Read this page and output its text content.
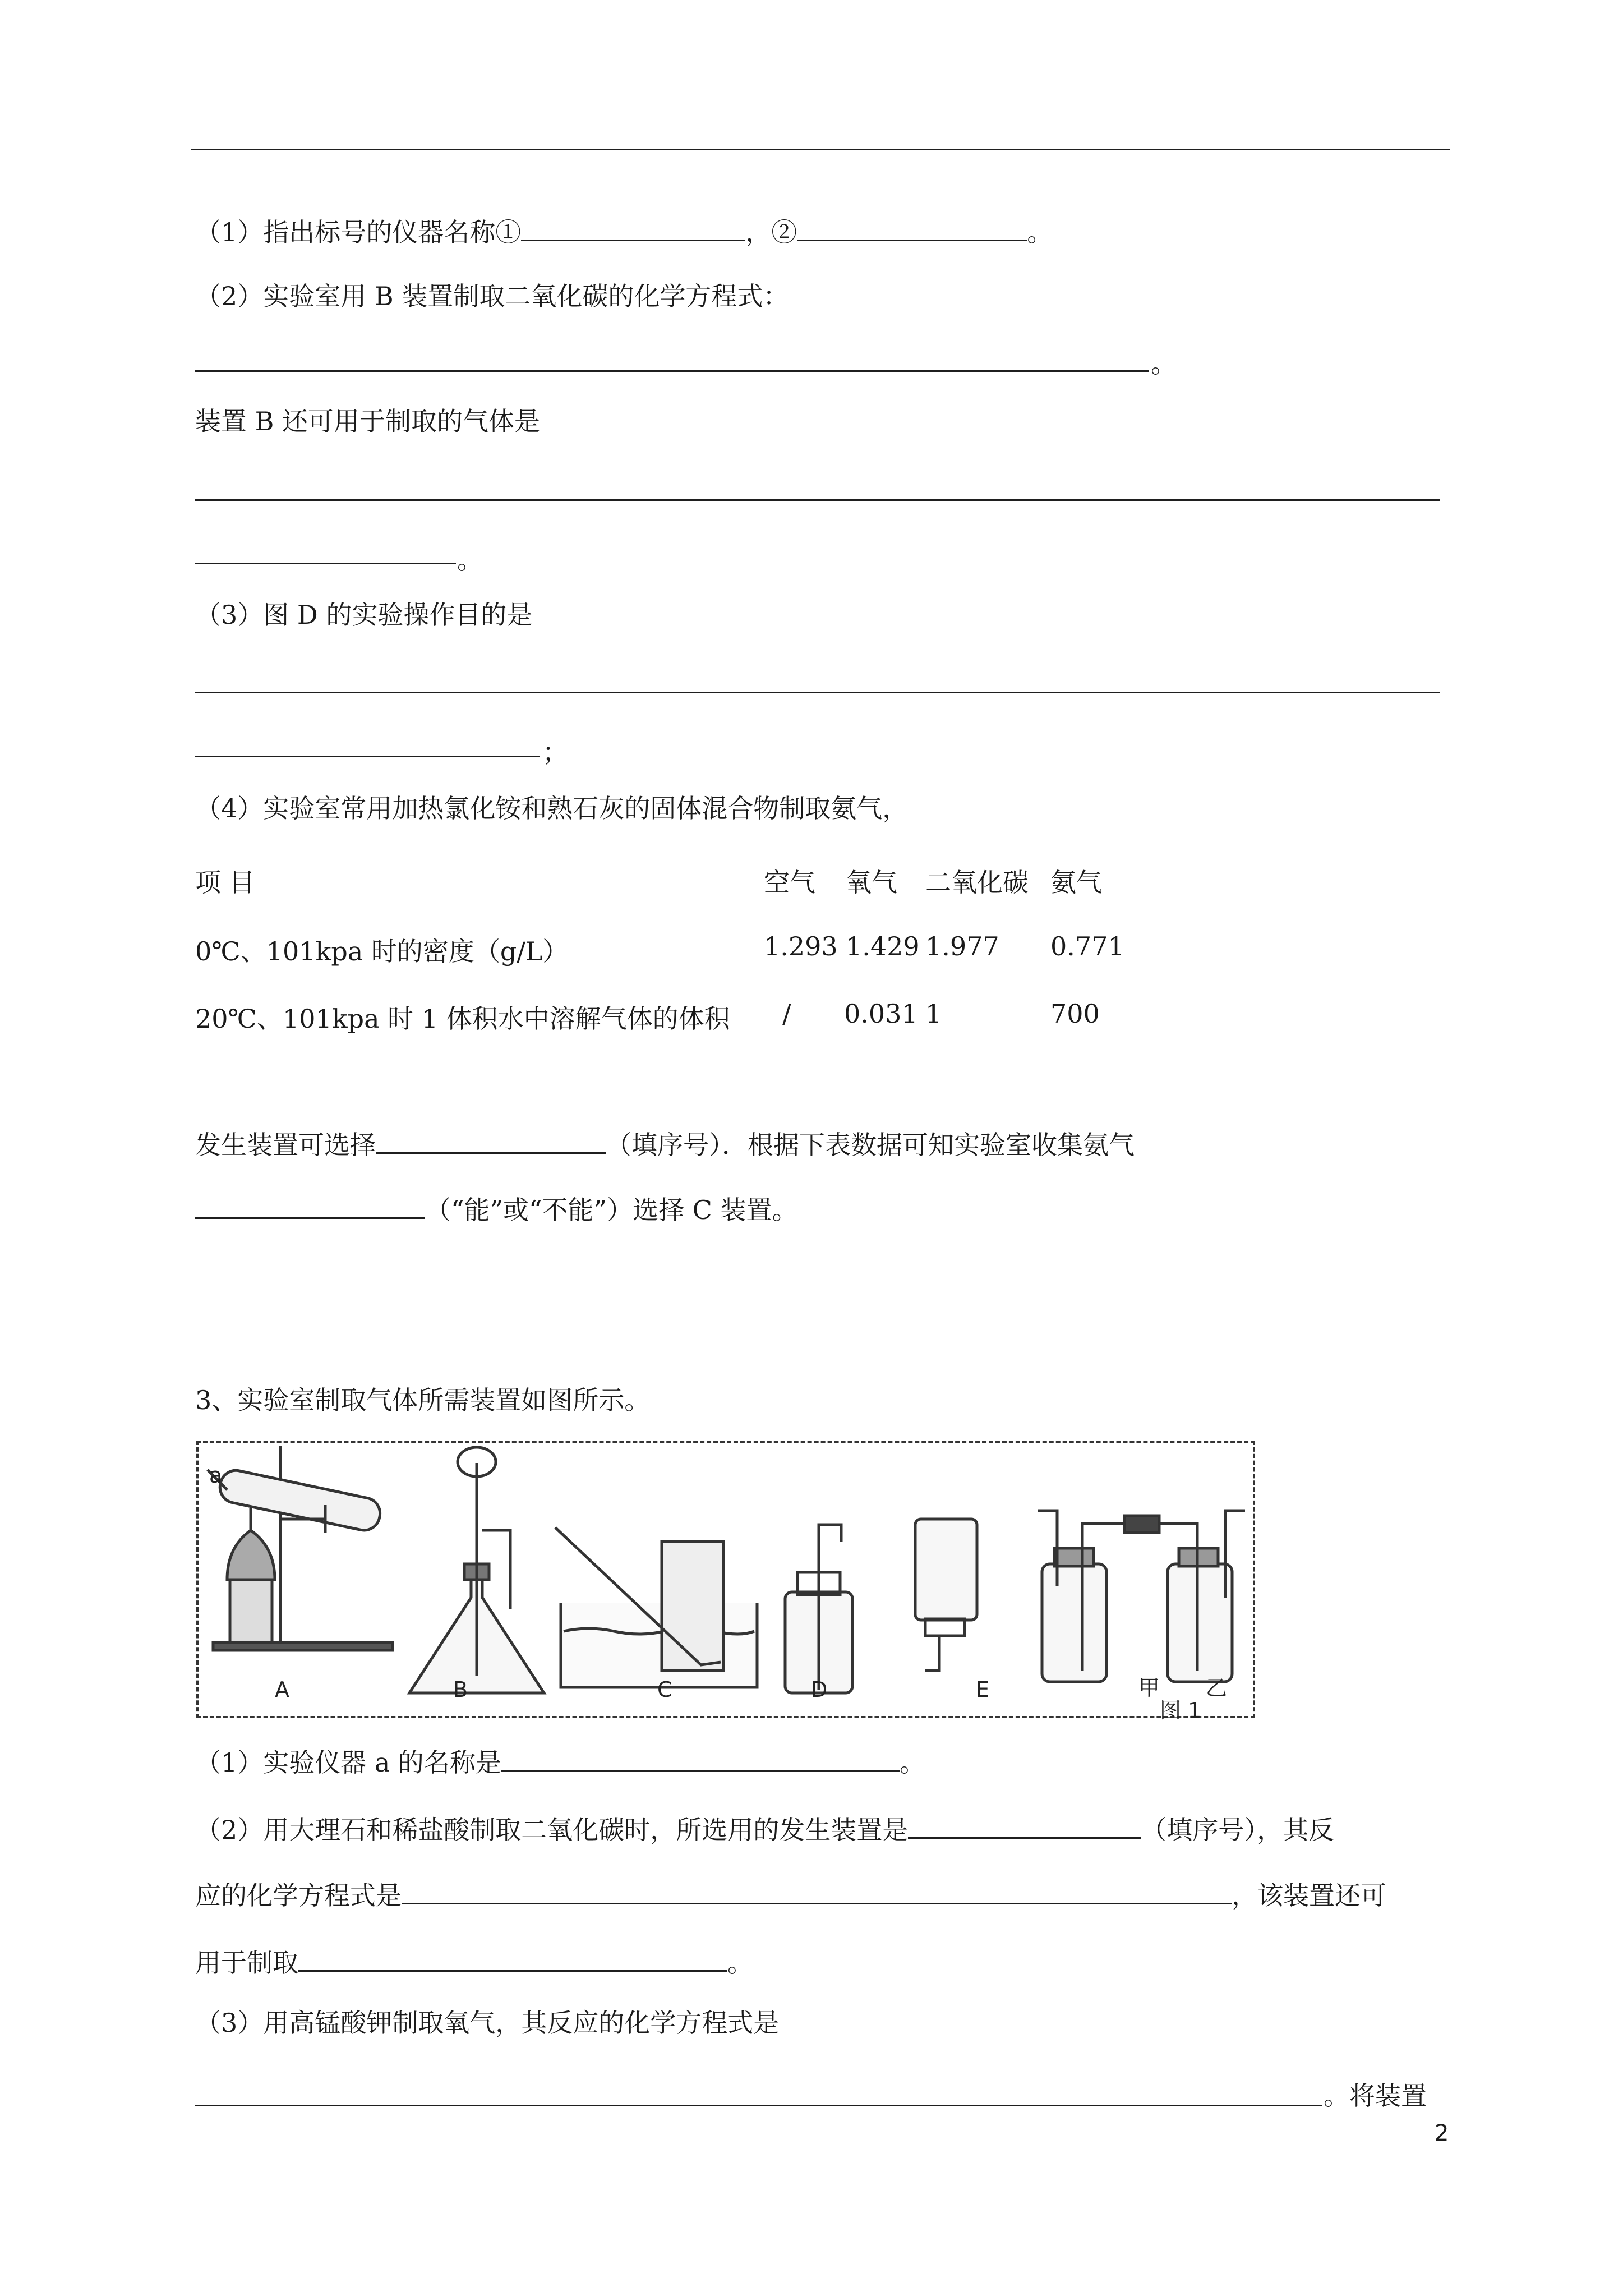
（1）指出标号的仪器名称①	，②	。
（2）实验室用 B 装置制取二氧化碳的化学方程式：
。
装置 B 还可用于制取的气体是
。
（3）图 D 的实验操作目的是
；
（4）实验室常用加热氯化铵和熟石灰的固体混合物制取氨气，
项 目	空气 氧气 二氧化碳 氨气
0℃、101kpa 时的密度（g/L）	1.293 1.429 1.977 0.771
20℃、101kpa 时 1 体积水中溶解气体的体积 / 0.031 1	700
发生装置可选择	（填序号）．根据下表数据可知实验室收集氨气
（“能”或“不能”）选择 C 装置。
3、实验室制取气体所需装置如图所示。
a
A	B	C	D	E	甲 乙
图 1
（1）实验仪器 a 的名称是	。
（2）用大理石和稀盐酸制取二氧化碳时，所选用的发生装置是	（填序号），其反
应的化学方程式是	，该装置还可
用于制取	。
（3）用高锰酸钾制取氧气，其反应的化学方程式是
。将装置
2
